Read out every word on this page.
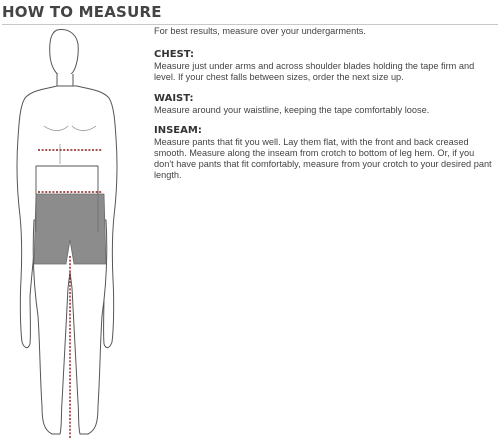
HOW TO MEASURE
For best results, measure over your undergarments.
CHEST:
Measure just under arms and across shoulder blades holding the tape firm and level. If your chest falls between sizes, order the next size up.
WAIST:
Measure around your waistline, keeping the tape comfortably loose.
INSEAM:
Measure pants that fit you well. Lay them flat, with the front and back creased smooth. Measure along the inseam from crotch to bottom of leg hem. Or, if you don't have pants that fit comfortably, measure from your crotch to your desired pant length.
